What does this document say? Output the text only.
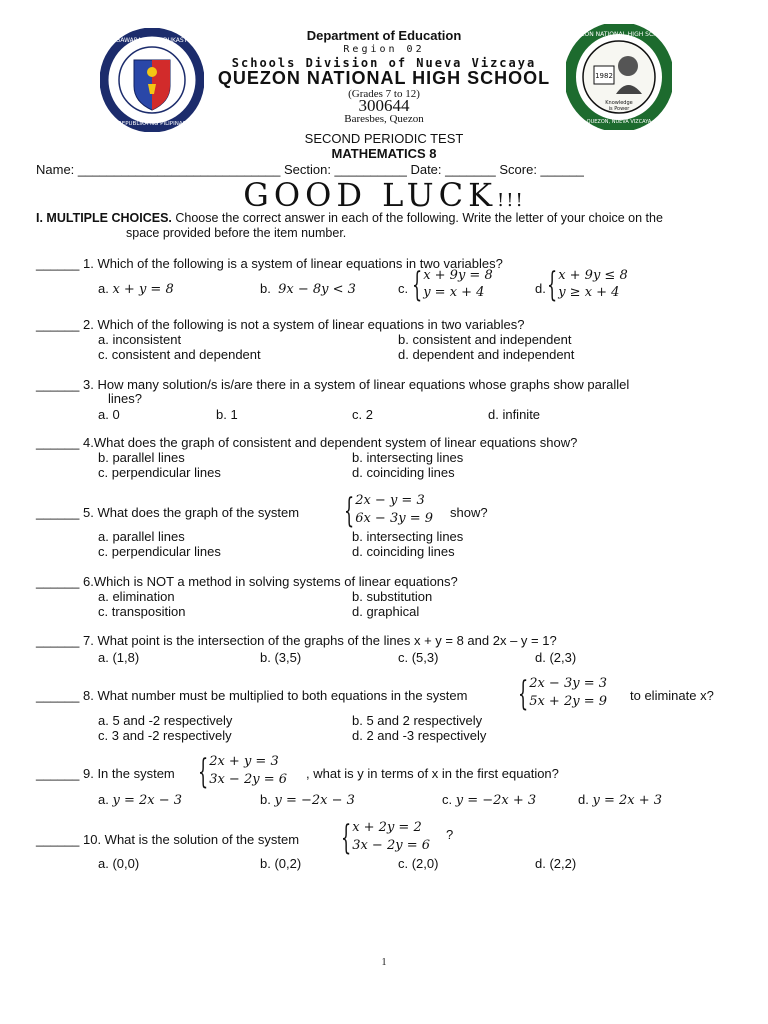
KAGAWARAN NG EDUKASYON
REPUBLIKA NG PILIPINAS
1982
Knowledge
is Power
QUEZON NATIONAL HIGH SCHOOL
QUEZON, NUEVA VIZCAYA
Department of Education
Region 02
Schools Division of Nueva Vizcaya
QUEZON NATIONAL HIGH SCHOOL
(Grades 7 to 12)
300644
Baresbes, Quezon
SECOND PERIODIC TEST
MATHEMATICS 8
Name: ____________________________ Section: __________ Date: _______ Score: ______
GOOD LUCK!!!
I. MULTIPLE CHOICES. Choose the correct answer in each of the following. Write the letter of your choice on the
space provided before the item number.
______ 1. Which of the following is a system of linear equations in two variables?
a. x + y = 8	b. 9x − 8y < 3	c. { x + 9y = 8
y = x + 4	d. { x + 9y ≤ 8
y ≥ x + 4
______ 2. Which of the following is not a system of linear equations in two variables?
a. inconsistent	b. consistent and independent
c. consistent and dependent	d. dependent and independent
______ 3. How many solution/s is/are there in a system of linear equations whose graphs show parallel
lines?
a. 0	b. 1	c. 2	d. infinite
______ 4.What does the graph of consistent and dependent system of linear equations show?
b. parallel lines	b. intersecting lines
c. perpendicular lines	d. coinciding lines
______ 5. What does the graph of the system	{ 2x − y = 3
6x − 3y = 9 show?
a. parallel lines	b. intersecting lines
c. perpendicular lines	d. coinciding lines
______ 6.Which is NOT a method in solving systems of linear equations?
a. elimination	b. substitution
c. transposition	d. graphical
______ 7. What point is the intersection of the graphs of the lines x + y = 8 and 2x – y = 1?
a. (1,8)	b. (3,5)	c. (5,3)	d. (2,3)
______ 8. What number must be multiplied to both equations in the system	{ 2x − 3y = 3
5x + 2y = 9 to eliminate x?
a. 5 and -2 respectively	b. 5 and 2 respectively
c. 3 and -2 respectively	d. 2 and -3 respectively
______ 9. In the system { 2x + y = 3
3x − 2y = 6 , what is y in terms of x in the first equation?
a. y = 2x − 3	b. y = −2x − 3	c. y = −2x + 3	d. y = 2x + 3
______ 10. What is the solution of the system	{ x + 2y = 2
3x − 2y = 6
?
a. (0,0)	b. (0,2)	c. (2,0)	d. (2,2)
1
